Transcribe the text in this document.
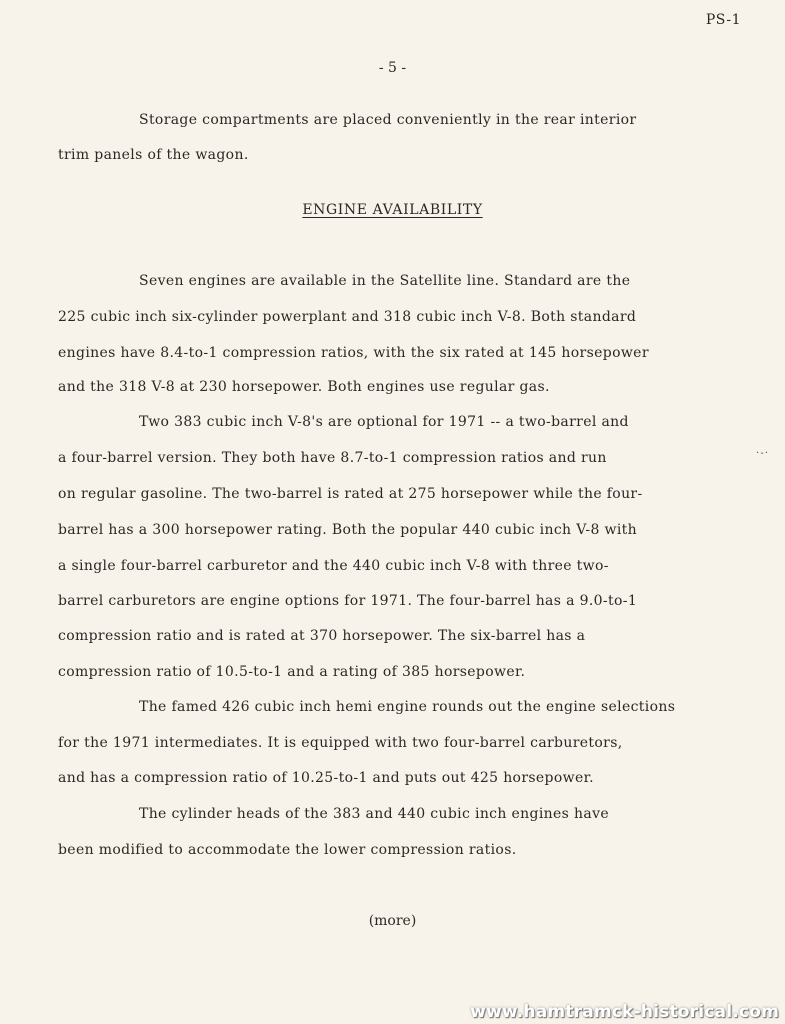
PS-1
- 5 -
Storage compartments are placed conveniently in the rear interior
trim panels of the wagon.
ENGINE AVAILABILITY
Seven engines are available in the Satellite line. Standard are the
225 cubic inch six-cylinder powerplant and 318 cubic inch V-8. Both standard
engines have 8.4-to-1 compression ratios, with the six rated at 145 horsepower
and the 318 V-8 at 230 horsepower. Both engines use regular gas.
Two 383 cubic inch V-8's are optional for 1971 -- a two-barrel and
a four-barrel version. They both have 8.7-to-1 compression ratios and run
on regular gasoline. The two-barrel is rated at 275 horsepower while the four-
barrel has a 300 horsepower rating. Both the popular 440 cubic inch V-8 with
a single four-barrel carburetor and the 440 cubic inch V-8 with three two-
barrel carburetors are engine options for 1971. The four-barrel has a 9.0-to-1
compression ratio and is rated at 370 horsepower. The six-barrel has a
compression ratio of 10.5-to-1 and a rating of 385 horsepower.
The famed 426 cubic inch hemi engine rounds out the engine selections
for the 1971 intermediates. It is equipped with two four-barrel carburetors,
and has a compression ratio of 10.25-to-1 and puts out 425 horsepower.
The cylinder heads of the 383 and 440 cubic inch engines have
been modified to accommodate the lower compression ratios.
(more)
· ‑ ·
www.hamtramck-historical.com
